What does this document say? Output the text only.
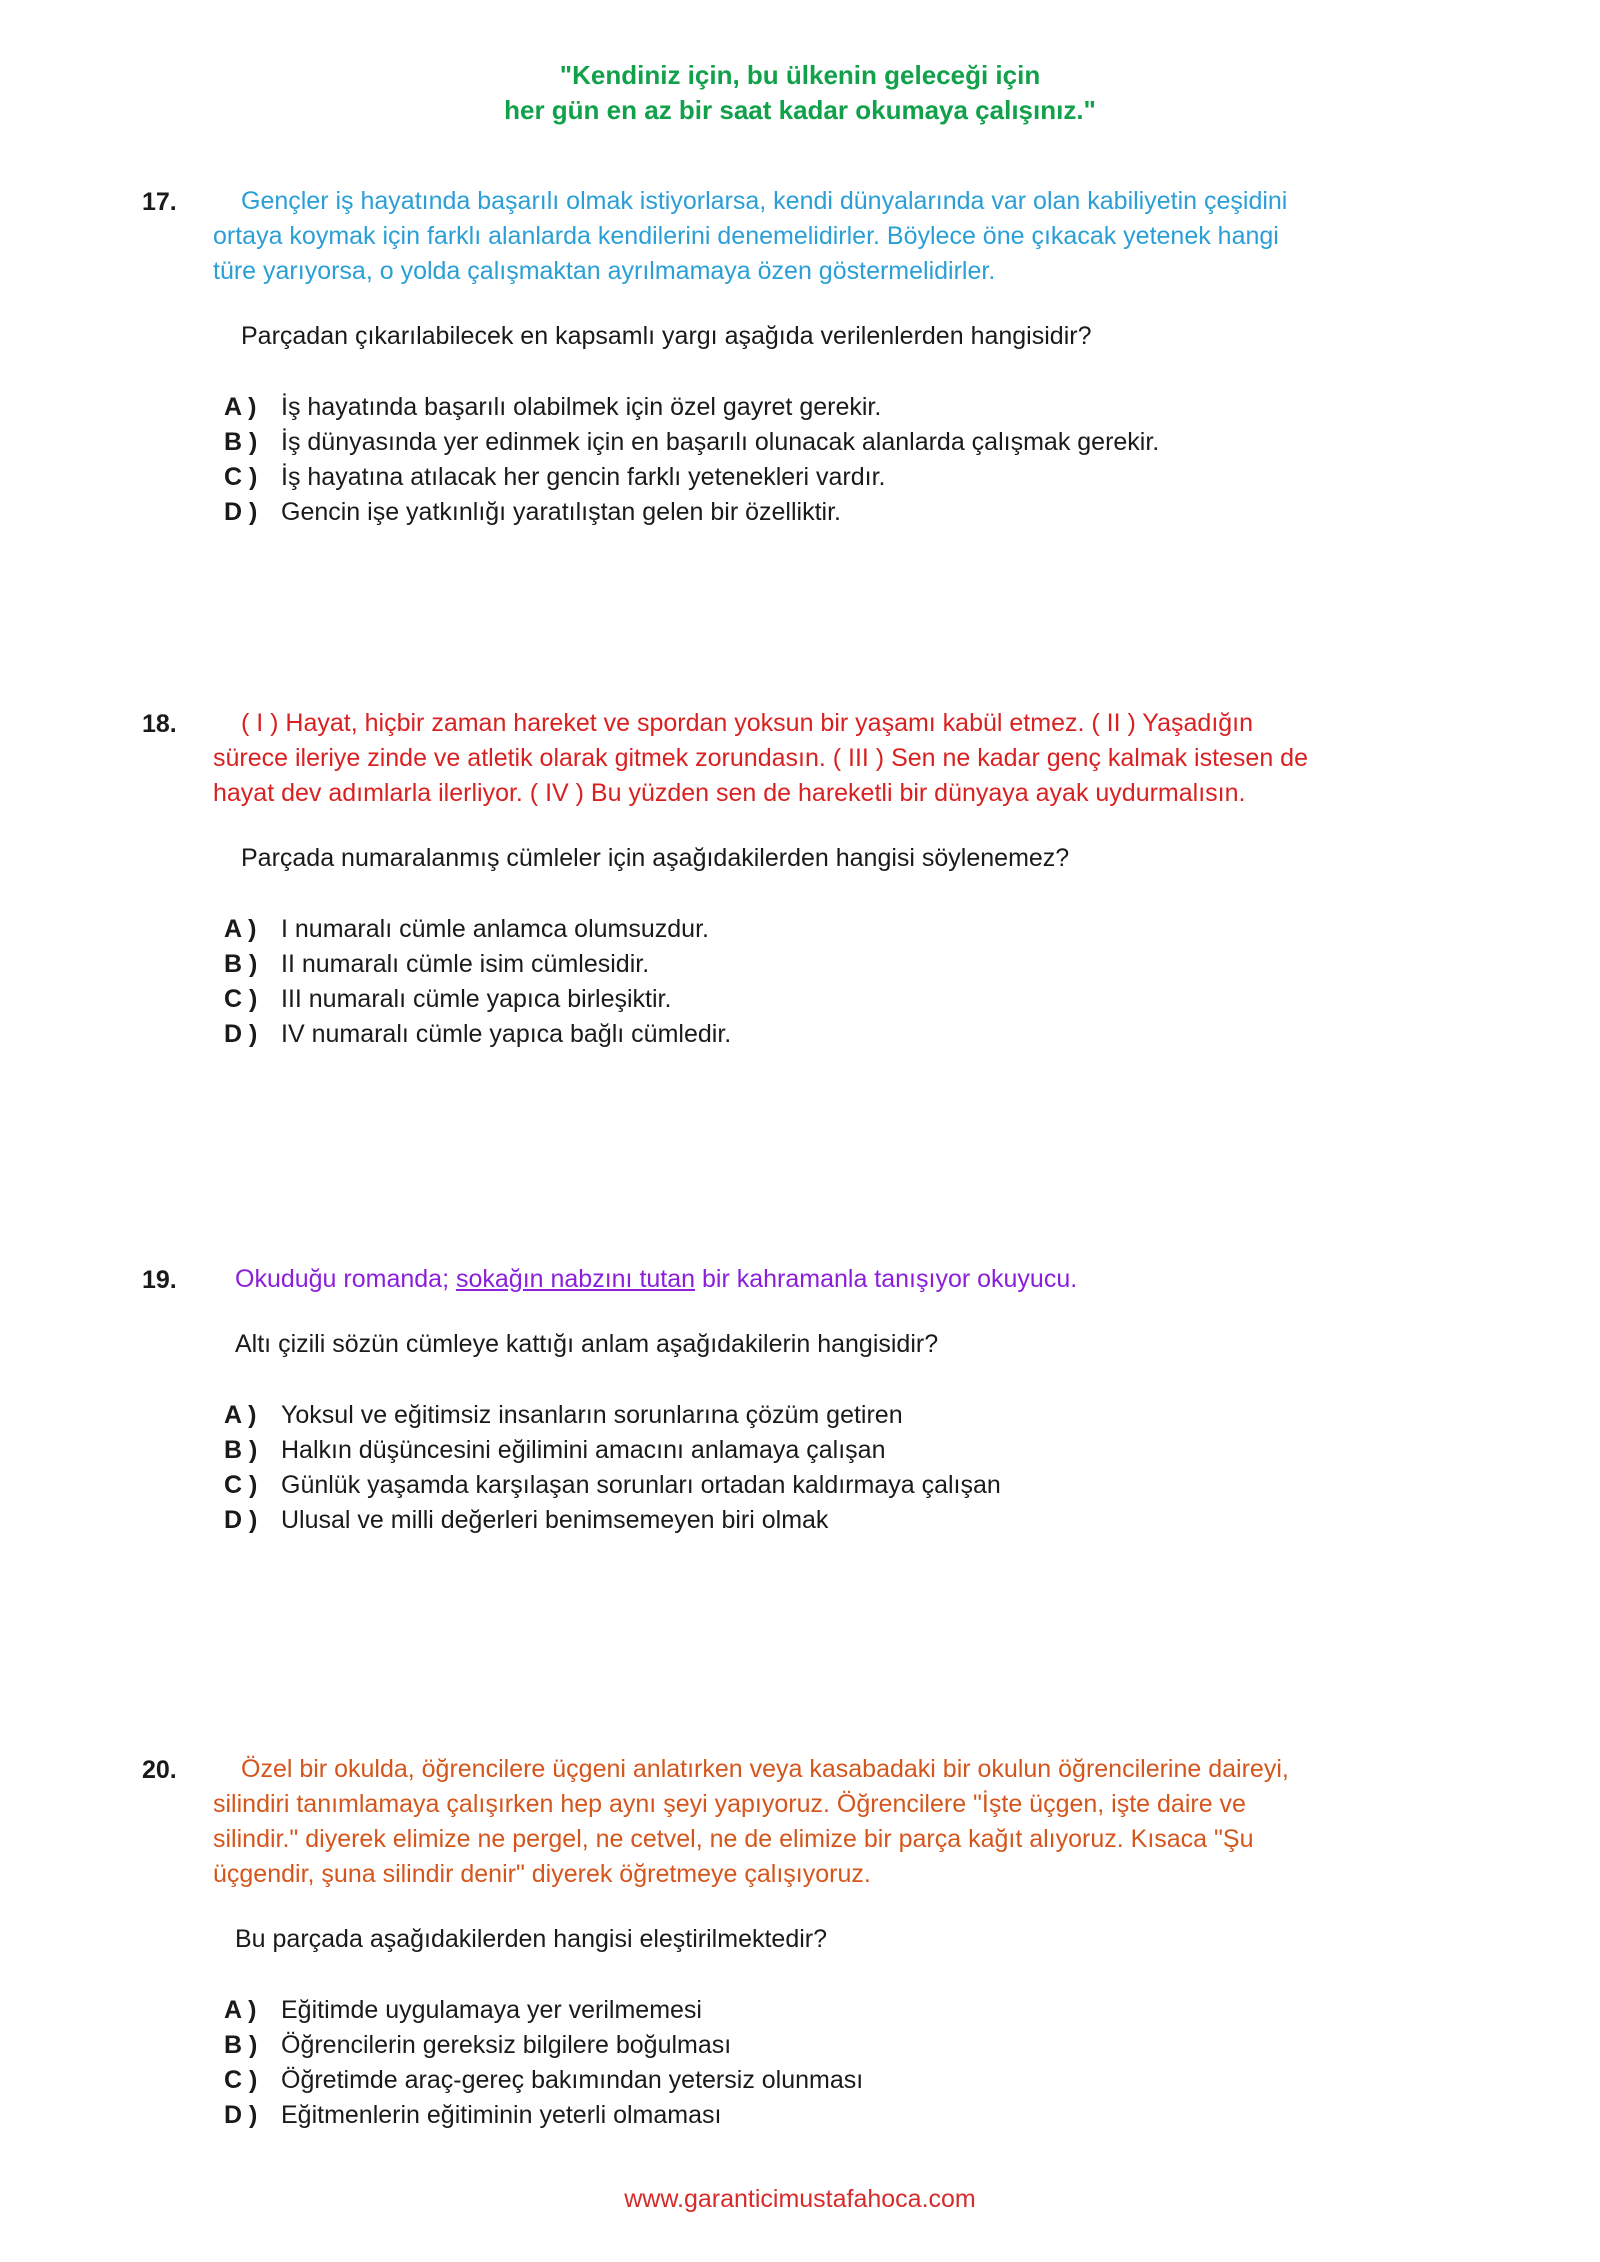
"Kendiniz için, bu ülkenin geleceği için
her gün en az bir saat kadar okumaya çalışınız."
17.	Gençler iş hayatında başarılı olmak istiyorlarsa, kendi dünyalarında var olan kabiliyetin çeşidini
ortaya koymak için farklı alanlarda kendilerini denemelidirler. Böylece öne çıkacak yetenek hangi
türe yarıyorsa, o yolda çalışmaktan ayrılmamaya özen göstermelidirler.
Parçadan çıkarılabilecek en kapsamlı yargı aşağıda verilenlerden hangisidir?
A ) İş hayatında başarılı olabilmek için özel gayret gerekir.
B ) İş dünyasında yer edinmek için en başarılı olunacak alanlarda çalışmak gerekir.
C ) İş hayatına atılacak her gencin farklı yetenekleri vardır.
D ) Gencin işe yatkınlığı yaratılıştan gelen bir özelliktir.
18.	( I ) Hayat, hiçbir zaman hareket ve spordan yoksun bir yaşamı kabül etmez. ( II ) Yaşadığın
sürece ileriye zinde ve atletik olarak gitmek zorundasın. ( III ) Sen ne kadar genç kalmak istesen de
hayat dev adımlarla ilerliyor. ( IV ) Bu yüzden sen de hareketli bir dünyaya ayak uydurmalısın.
Parçada numaralanmış cümleler için aşağıdakilerden hangisi söylenemez?
A ) I numaralı cümle anlamca olumsuzdur.
B ) II numaralı cümle isim cümlesidir.
C ) III numaralı cümle yapıca birleşiktir.
D ) IV numaralı cümle yapıca bağlı cümledir.
19. Okuduğu romanda; sokağın nabzını tutan bir kahramanla tanışıyor okuyucu.
Altı çizili sözün cümleye kattığı anlam aşağıdakilerin hangisidir?
A ) Yoksul ve eğitimsiz insanların sorunlarına çözüm getiren
B ) Halkın düşüncesini eğilimini amacını anlamaya çalışan
C ) Günlük yaşamda karşılaşan sorunları ortadan kaldırmaya çalışan
D ) Ulusal ve milli değerleri benimsemeyen biri olmak
20.	Özel bir okulda, öğrencilere üçgeni anlatırken veya kasabadaki bir okulun öğrencilerine daireyi,
silindiri tanımlamaya çalışırken hep aynı şeyi yapıyoruz. Öğrencilere "İşte üçgen, işte daire ve
silindir." diyerek elimize ne pergel, ne cetvel, ne de elimize bir parça kağıt alıyoruz. Kısaca "Şu
üçgendir, şuna silindir denir" diyerek öğretmeye çalışıyoruz.
Bu parçada aşağıdakilerden hangisi eleştirilmektedir?
A ) Eğitimde uygulamaya yer verilmemesi
B ) Öğrencilerin gereksiz bilgilere boğulması
C ) Öğretimde araç-gereç bakımından yetersiz olunması
D ) Eğitmenlerin eğitiminin yeterli olmaması
www.garanticimustafahoca.com
